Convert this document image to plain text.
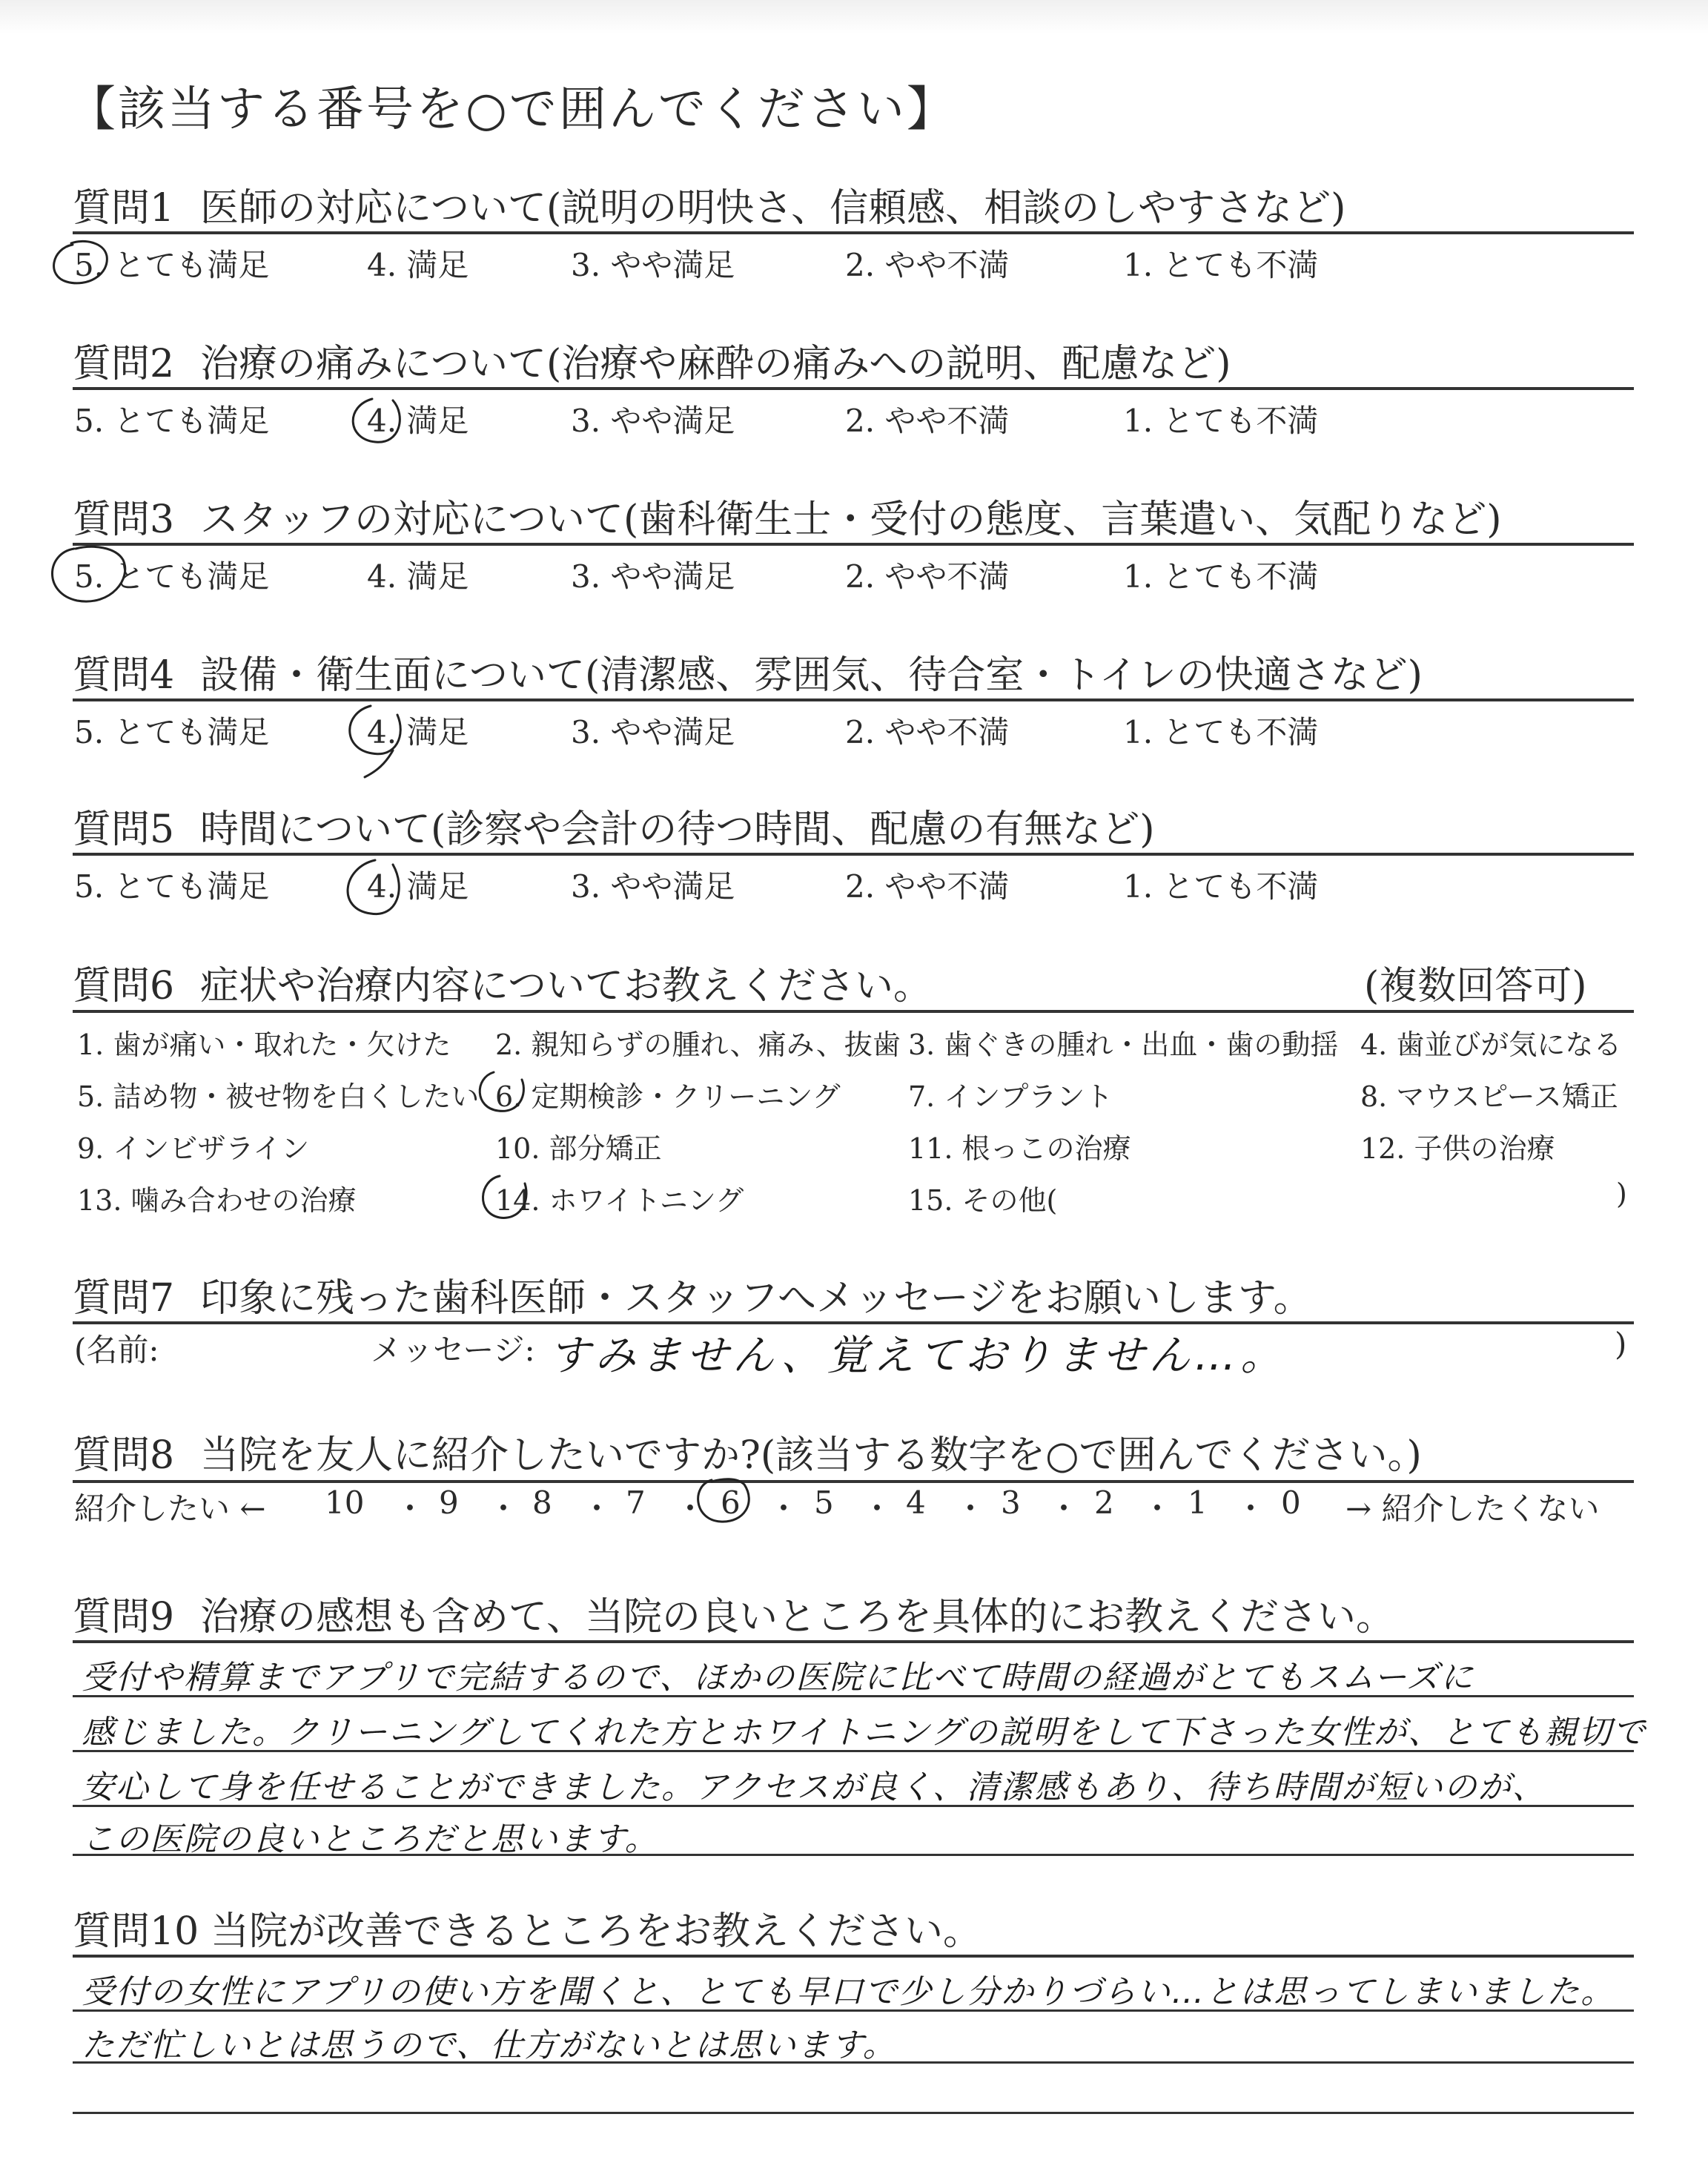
【該当する番号を○で囲んでください】
質問1 医師の対応について(説明の明快さ、信頼感、相談のしやすさなど)
5. とても満足	4. 満足	3. やや満足	2. やや不満	1. とても不満
質問2 治療の痛みについて(治療や麻酔の痛みへの説明、配慮など)
5. とても満足	4. 満足	3. やや満足	2. やや不満	1. とても不満
質問3 スタッフの対応について(歯科衛生士・受付の態度、言葉遣い、気配りなど)
5. とても満足	4. 満足	3. やや満足	2. やや不満	1. とても不満
質問4 設備・衛生面について(清潔感、雰囲気、待合室・トイレの快適さなど)
5. とても満足	4. 満足	3. やや満足	2. やや不満	1. とても不満
質問5 時間について(診察や会計の待つ時間、配慮の有無など)
5. とても満足	4. 満足	3. やや満足	2. やや不満	1. とても不満
質問6 症状や治療内容についてお教えください。	(複数回答可)
1. 歯が痛い・取れた・欠けた 2. 親知らずの腫れ、痛み、抜歯 3. 歯ぐきの腫れ・出血・歯の動揺 4. 歯並びが気になる
5. 詰め物・被せ物を白くしたい 6. 定期検診・クリーニング 7. インプラント	8. マウスピース矯正
9. インビザライン	10. 部分矯正	11. 根っこの治療	12. 子供の治療
13. 噛み合わせの治療	14. ホワイトニング	15. その他(	)
質問7 印象に残った歯科医師・スタッフへメッセージをお願いします。
(名前:	メッセージ: すみません、覚えておりません…。	)
質問8 当院を友人に紹介したいですか?(該当する数字を○で囲んでください。)
紹介したい ←	→ 紹介したくない
10 ・ 9 ・ 8 ・ 7 ・ 6 ・ 5 ・ 4 ・ 3 ・ 2 ・ 1 ・ 0
質問9 治療の感想も含めて、当院の良いところを具体的にお教えください。
受付や精算までアプリで完結するので、ほかの医院に比べて時間の経過がとてもスムーズに
感じました。クリーニングしてくれた方とホワイトニングの説明をして下さった女性が、とても親切で
安心して身を任せることができました。アクセスが良く、清潔感もあり、待ち時間が短いのが、
この医院の良いところだと思います。
質問10 当院が改善できるところをお教えください。
受付の女性にアプリの使い方を聞くと、とても早口で少し分かりづらい…とは思ってしまいました。
ただ忙しいとは思うので、仕方がないとは思います。
